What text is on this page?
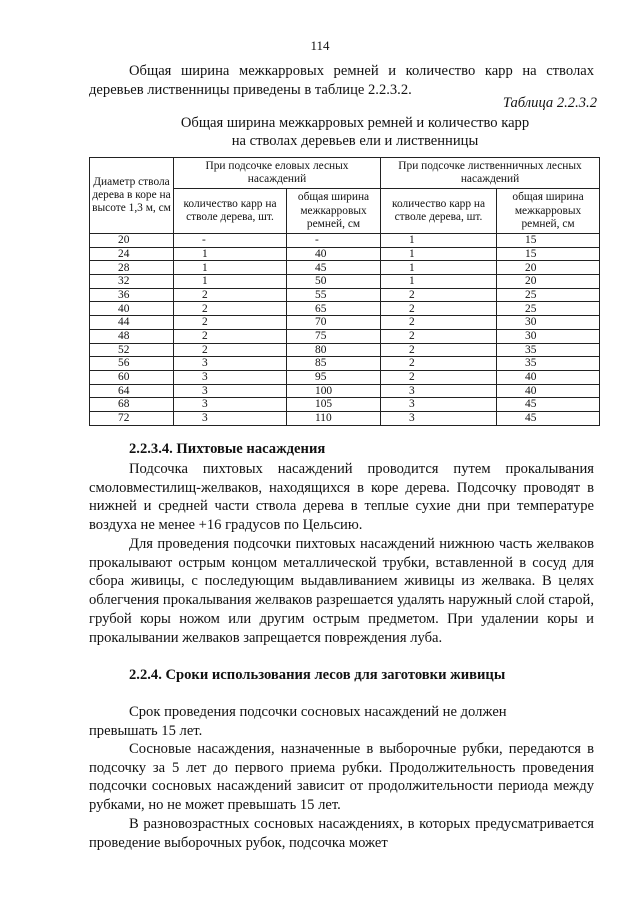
114

Общая ширина межкарровых ремней и количество карр на стволах деревьев лиственницы приведены в таблице 2.2.3.2.

Таблица 2.2.3.2
Общая ширина межкарровых ремней и количество карр
на стволах деревьев ели и лиственницы
Диаметр ствола дерева в коре на высоте 1,3 м, см	При подсочке еловых лесных насаждений		При подсочке лиственничных лесных насаждений	
	количество карр на стволе дерева, шт.	общая ширина межкарровых ремней, см	количество карр на стволе дерева, шт.	общая ширина межкарровых ремней, см
20	-	-	1	15
24	1	40	1	15
28	1	45	1	20
32	1	50	1	20
36	2	55	2	25
40	2	65	2	25
44	2	70	2	30
48	2	75	2	30
52	2	80	2	35
56	3	85	2	35
60	3	95	2	40
64	3	100	3	40
68	3	105	3	45
72	3	110	3	45

2.2.3.4. Пихтовые насаждения

Подсочка пихтовых насаждений проводится путем прокалывания смоловместилищ-желваков, находящихся в коре дерева. Подсочку проводят в нижней и средней части ствола дерева в теплые сухие дни при температуре воздуха не менее +16 градусов по Цельсию.

Для проведения подсочки пихтовых насаждений нижнюю часть желваков прокалывают острым концом металлической трубки, вставленной в сосуд для сбора живицы, с последующим выдавливанием живицы из желвака. В целях облегчения прокалывания желваков разрешается удалять наружный слой старой, грубой коры ножом или другим острым предметом. При удалении коры и прокалывании желваков запрещается повреждения луба.

2.2.4. Сроки использования лесов для заготовки живицы

Срок проведения подсочки сосновых насаждений не должен
превышать 15 лет.

Сосновые насаждения, назначенные в выборочные рубки, передаются в подсочку за 5 лет до первого приема рубки. Продолжительность проведения подсочки сосновых насаждений зависит от продолжительности периода между рубками, но не может превышать 15 лет.

В разновозрастных сосновых насаждениях, в которых предусматривается проведение выборочных рубок, подсочка может
